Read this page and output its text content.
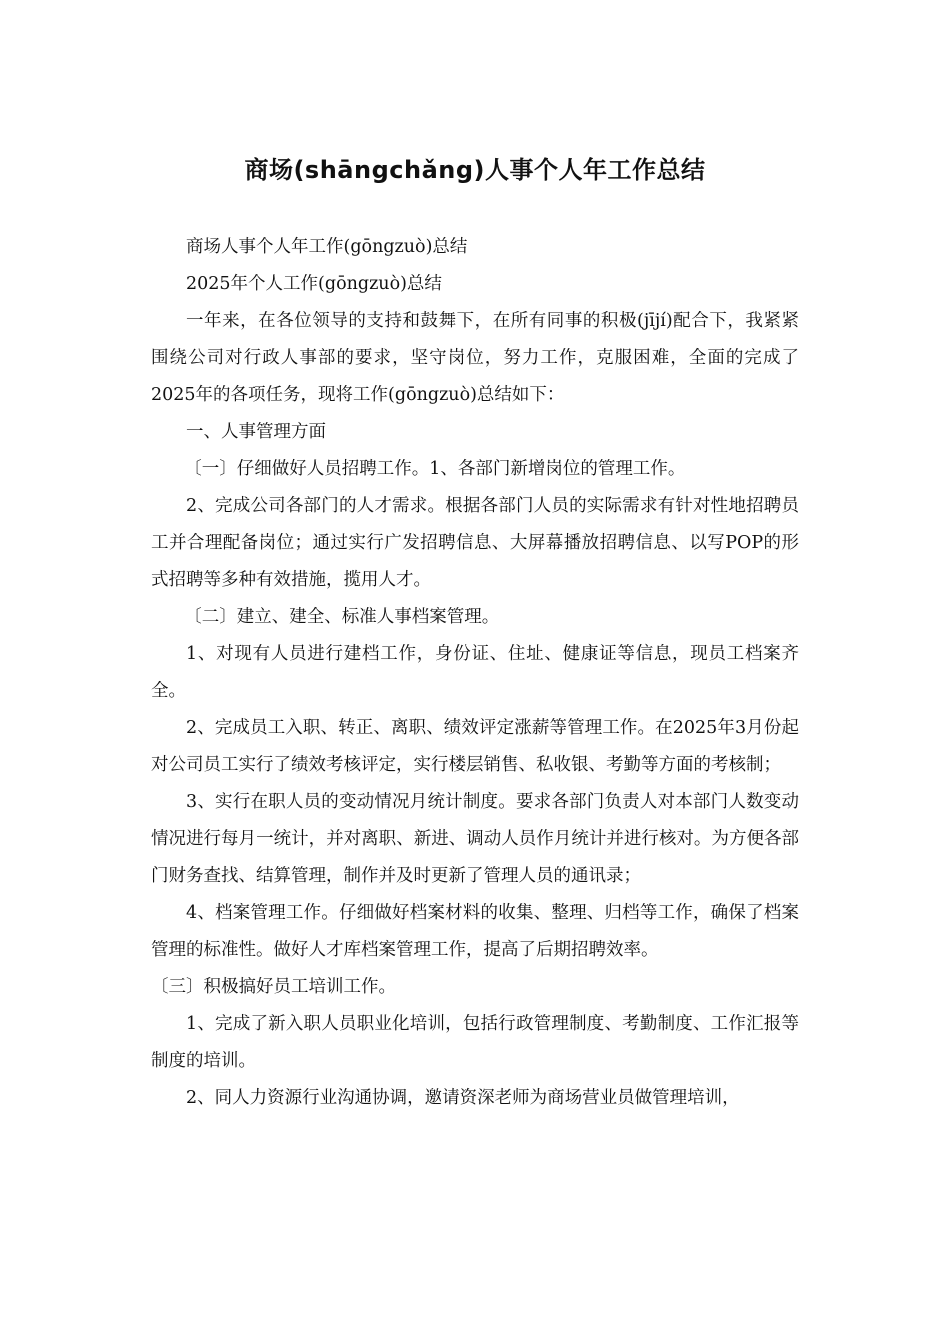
商场(shāngchǎng)人事个人年工作总结

商场人事个人年工作(gōngzuò)总结

2025年个人工作(gōngzuò)总结

一年来，在各位领导的支持和鼓舞下，在所有同事的积极(jījí)配合下，我紧紧围绕公司对行政人事部的要求，坚守岗位，努力工作，克服困难，全面的完成了2025年的各项任务，现将工作(gōngzuò)总结如下：

一、人事管理方面

〔一〕仔细做好人员招聘工作。1、各部门新增岗位的管理工作。

2、完成公司各部门的人才需求。根据各部门人员的实际需求有针对性地招聘员工并合理配备岗位；通过实行广发招聘信息、大屏幕播放招聘信息、以写POP的形式招聘等多种有效措施，揽用人才。

〔二〕建立、建全、标准人事档案管理。

1、对现有人员进行建档工作，身份证、住址、健康证等信息，现员工档案齐全。

2、完成员工入职、转正、离职、绩效评定涨薪等管理工作。在2025年3月份起对公司员工实行了绩效考核评定，实行楼层销售、私收银、考勤等方面的考核制；

3、实行在职人员的变动情况月统计制度。要求各部门负责人对本部门人数变动情况进行每月一统计，并对离职、新进、调动人员作月统计并进行核对。为方便各部门财务查找、结算管理，制作并及时更新了管理人员的通讯录；

4、档案管理工作。仔细做好档案材料的收集、整理、归档等工作，确保了档案管理的标准性。做好人才库档案管理工作，提高了后期招聘效率。

〔三〕积极搞好员工培训工作。

1、完成了新入职人员职业化培训，包括行政管理制度、考勤制度、工作汇报等制度的培训。

2、同人力资源行业沟通协调，邀请资深老师为商场营业员做管理培训，
